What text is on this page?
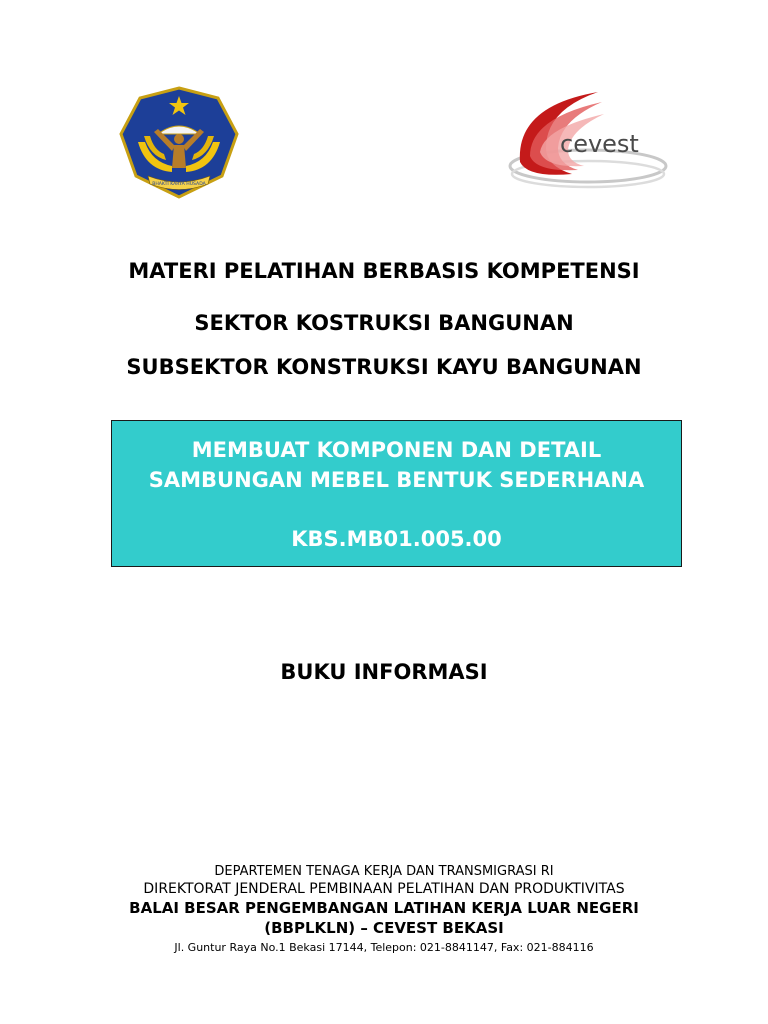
BHAKTI KARYA HUSADA
cevest
MATERI PELATIHAN BERBASIS KOMPETENSI
SEKTOR KOSTRUKSI BANGUNAN
SUBSEKTOR KONSTRUKSI KAYU BANGUNAN
MEMBUAT KOMPONEN DAN DETAIL
SAMBUNGAN MEBEL BENTUK SEDERHANA
KBS.MB01.005.00
BUKU INFORMASI
DEPARTEMEN TENAGA KERJA DAN TRANSMIGRASI RI
DIREKTORAT JENDERAL PEMBINAAN PELATIHAN DAN PRODUKTIVITAS
BALAI BESAR PENGEMBANGAN LATIHAN KERJA LUAR NEGERI
(BBPLKLN) – CEVEST BEKASI
Jl. Guntur Raya No.1 Bekasi 17144, Telepon: 021-8841147, Fax: 021-884116
